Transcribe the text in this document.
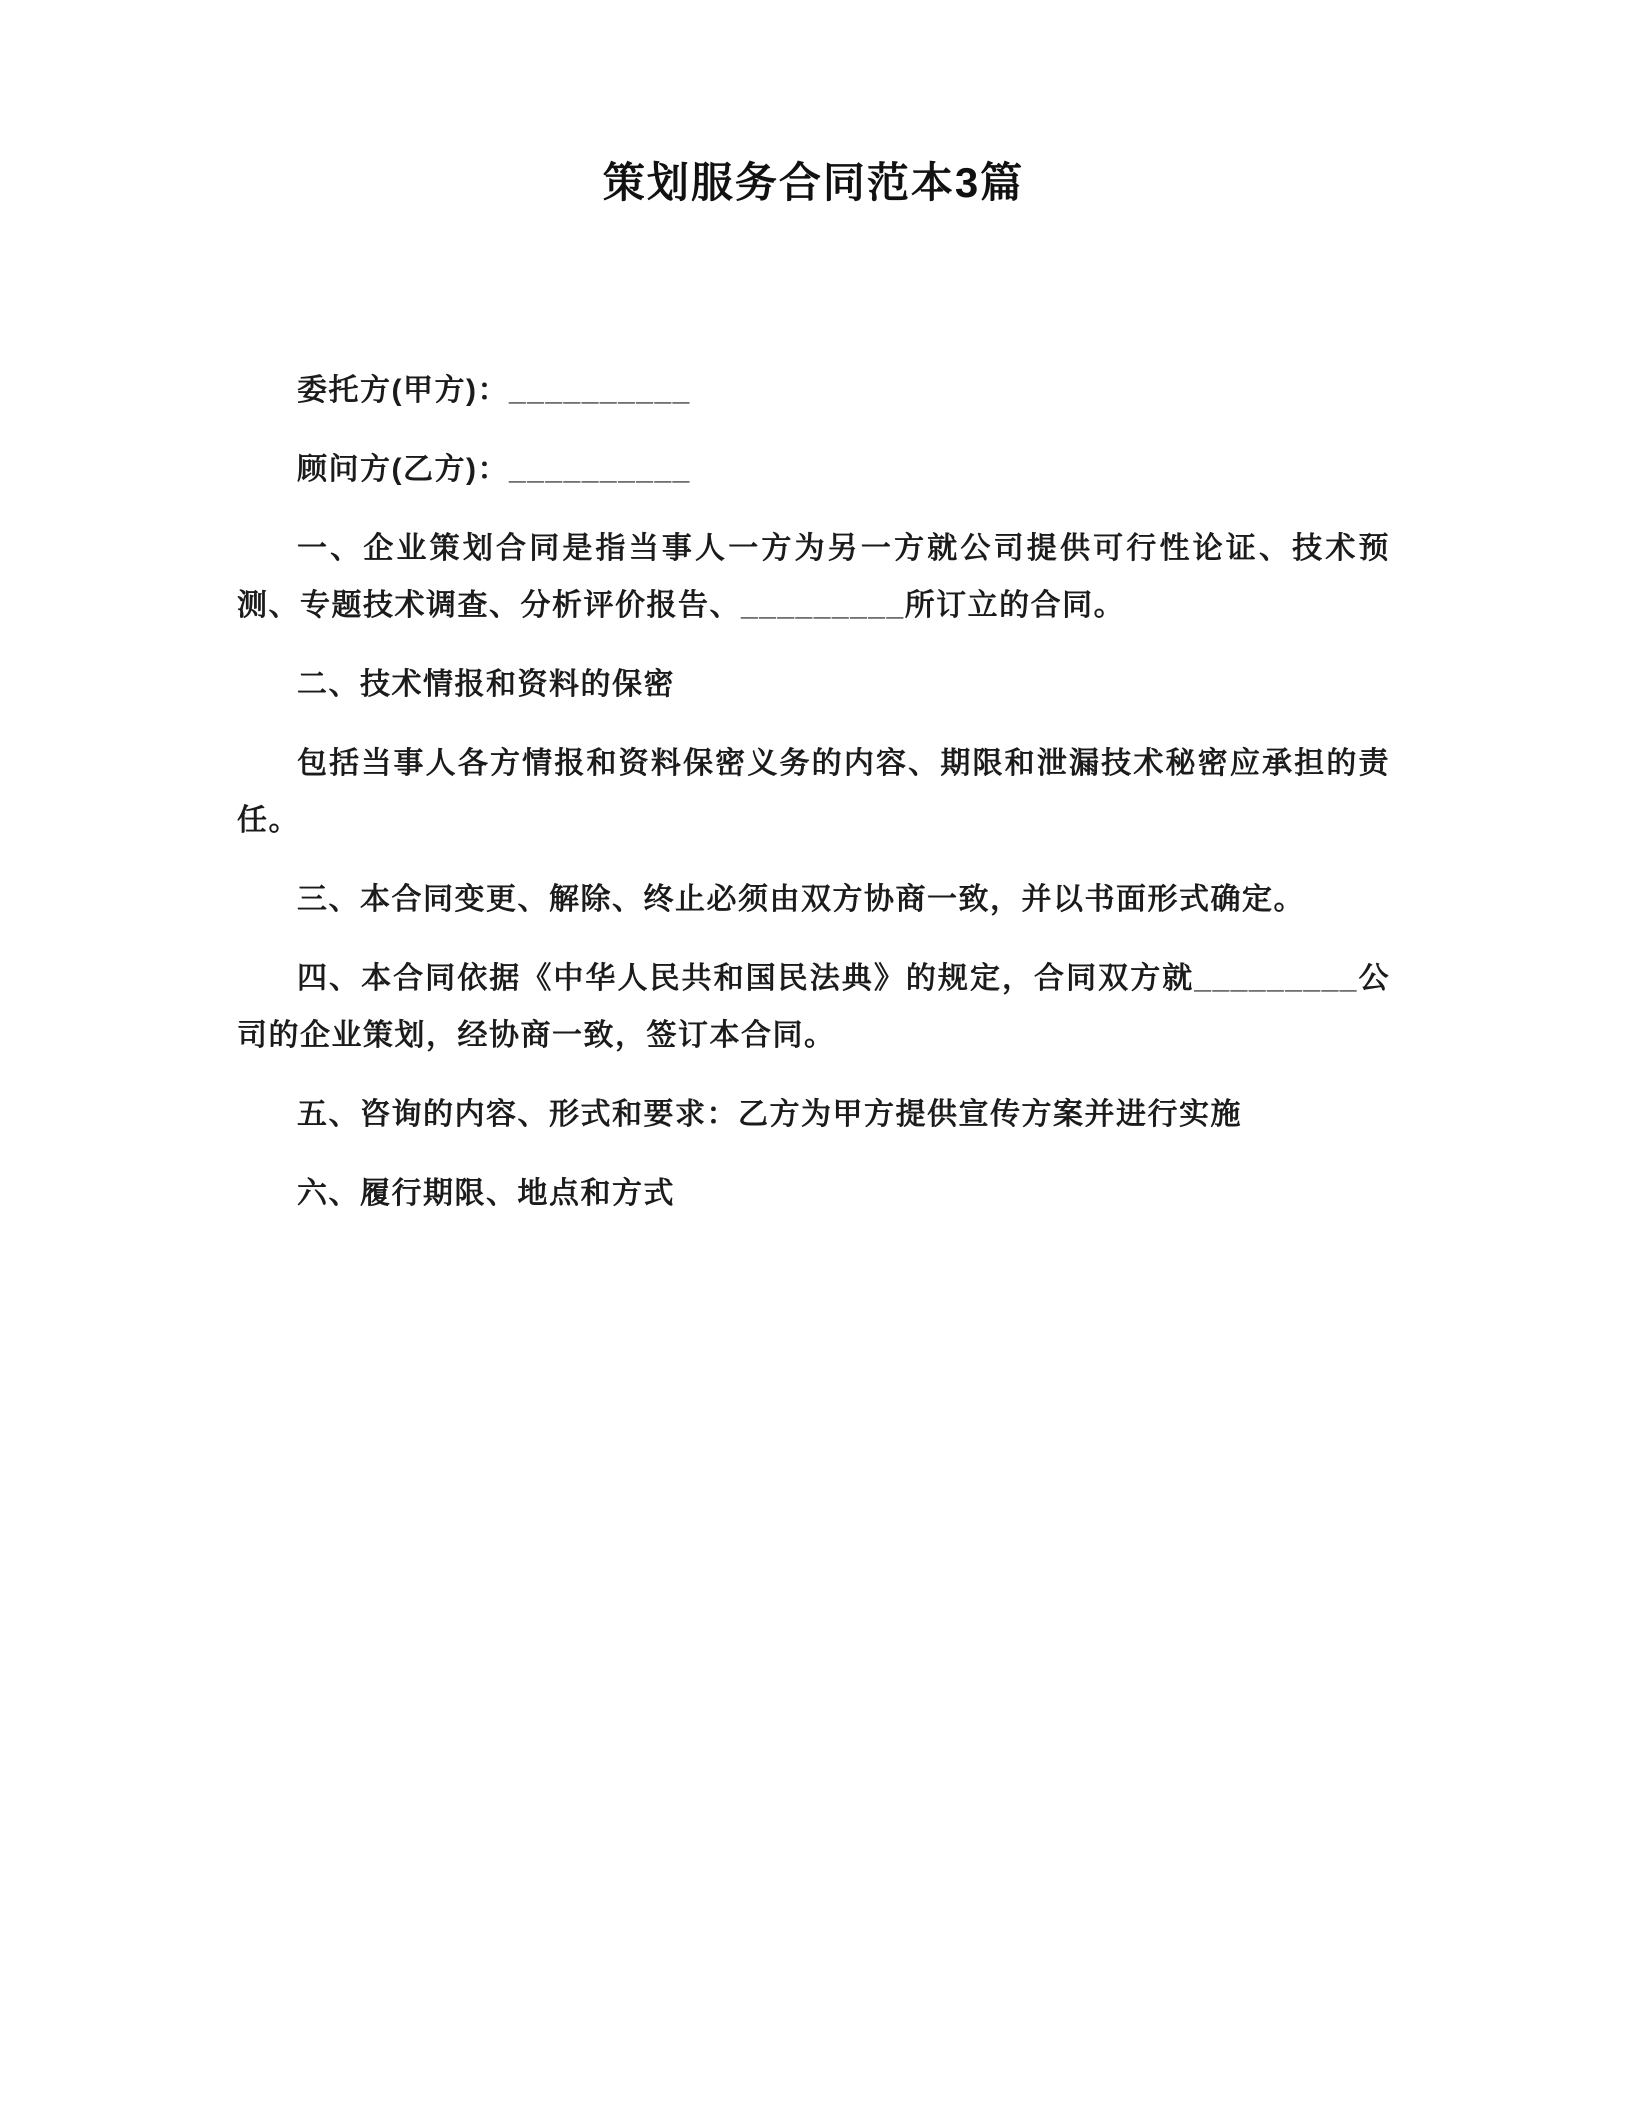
策划服务合同范本3篇

委托方(甲方)：__________

顾问方(乙方)：__________

一、企业策划合同是指当事人一方为另一方就公司提供可行性论证、技术预测、专题技术调查、分析评价报告、_________所订立的合同。

二、技术情报和资料的保密

包括当事人各方情报和资料保密义务的内容、期限和泄漏技术秘密应承担的责任。

三、本合同变更、解除、终止必须由双方协商一致，并以书面形式确定。

四、本合同依据《中华人民共和国民法典》的规定，合同双方就_________公司的企业策划，经协商一致，签订本合同。

五、咨询的内容、形式和要求：乙方为甲方提供宣传方案并进行实施

六、履行期限、地点和方式
